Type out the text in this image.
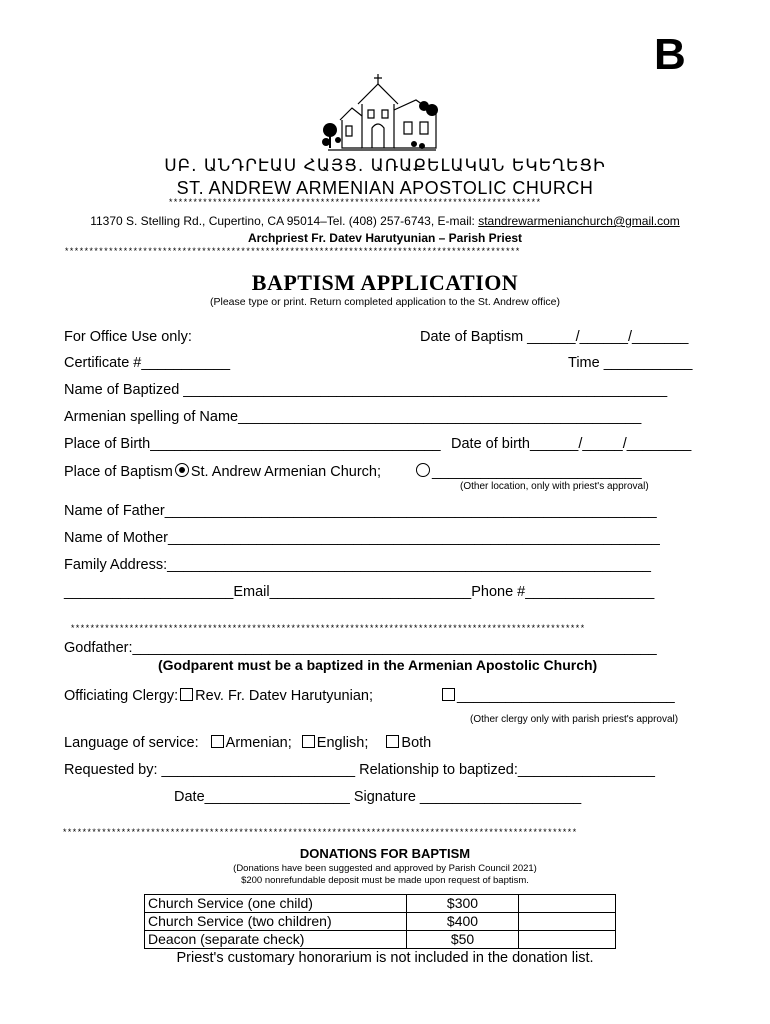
B
ՍԲ. ԱՆԴՐԷԱՍ ՀԱՅՑ. ԱՌԱՔԵԼԱԿԱՆ ԵԿԵՂԵՑԻ
ST. ANDREW ARMENIAN APOSTOLIC CHURCH
****************************************************************************
11370 S. Stelling Rd., Cupertino, CA 95014–Tel. (408) 257-6743, E-mail: standrewarmenianchurch@gmail.com
Archpriest Fr. Datev Harutyunian – Parish Priest
*********************************************************************************************
BAPTISM APPLICATION
(Please type or print. Return completed application to the St. Andrew office)
For Office Use only:	Date of Baptism ______/______/_______
Certificate #___________	Time ___________
Name of Baptized ____________________________________________________________
Armenian spelling of Name__________________________________________________
Place of Birth____________________________________ Date of birth______/_____/________
Place of Baptism St. Andrew Armenian Church;	__________________________
(Other location, only with priest's approval)
Name of Father_____________________________________________________________
Name of Mother_____________________________________________________________
Family Address:____________________________________________________________
_____________________Email_________________________Phone #________________
*********************************************************************************************************
Godfather:_________________________________________________________________
(Godparent must be a baptized in the Armenian Apostolic Church)
Officiating Clergy: Rev. Fr. Datev Harutyunian;	___________________________
(Other clergy only with parish priest's approval)
Language of service: Armenian; English; Both
Requested by: ________________________ Relationship to baptized:_________________
Date__________________ Signature ____________________
*********************************************************************************************************
DONATIONS FOR BAPTISM
(Donations have been suggested and approved by Parish Council 2021)
$200 nonrefundable deposit must be made upon request of baptism.
Church Service (one child)	$300	
Church Service (two children)	$400	
Deacon (separate check)	$50	
Priest's customary honorarium is not included in the donation list.
